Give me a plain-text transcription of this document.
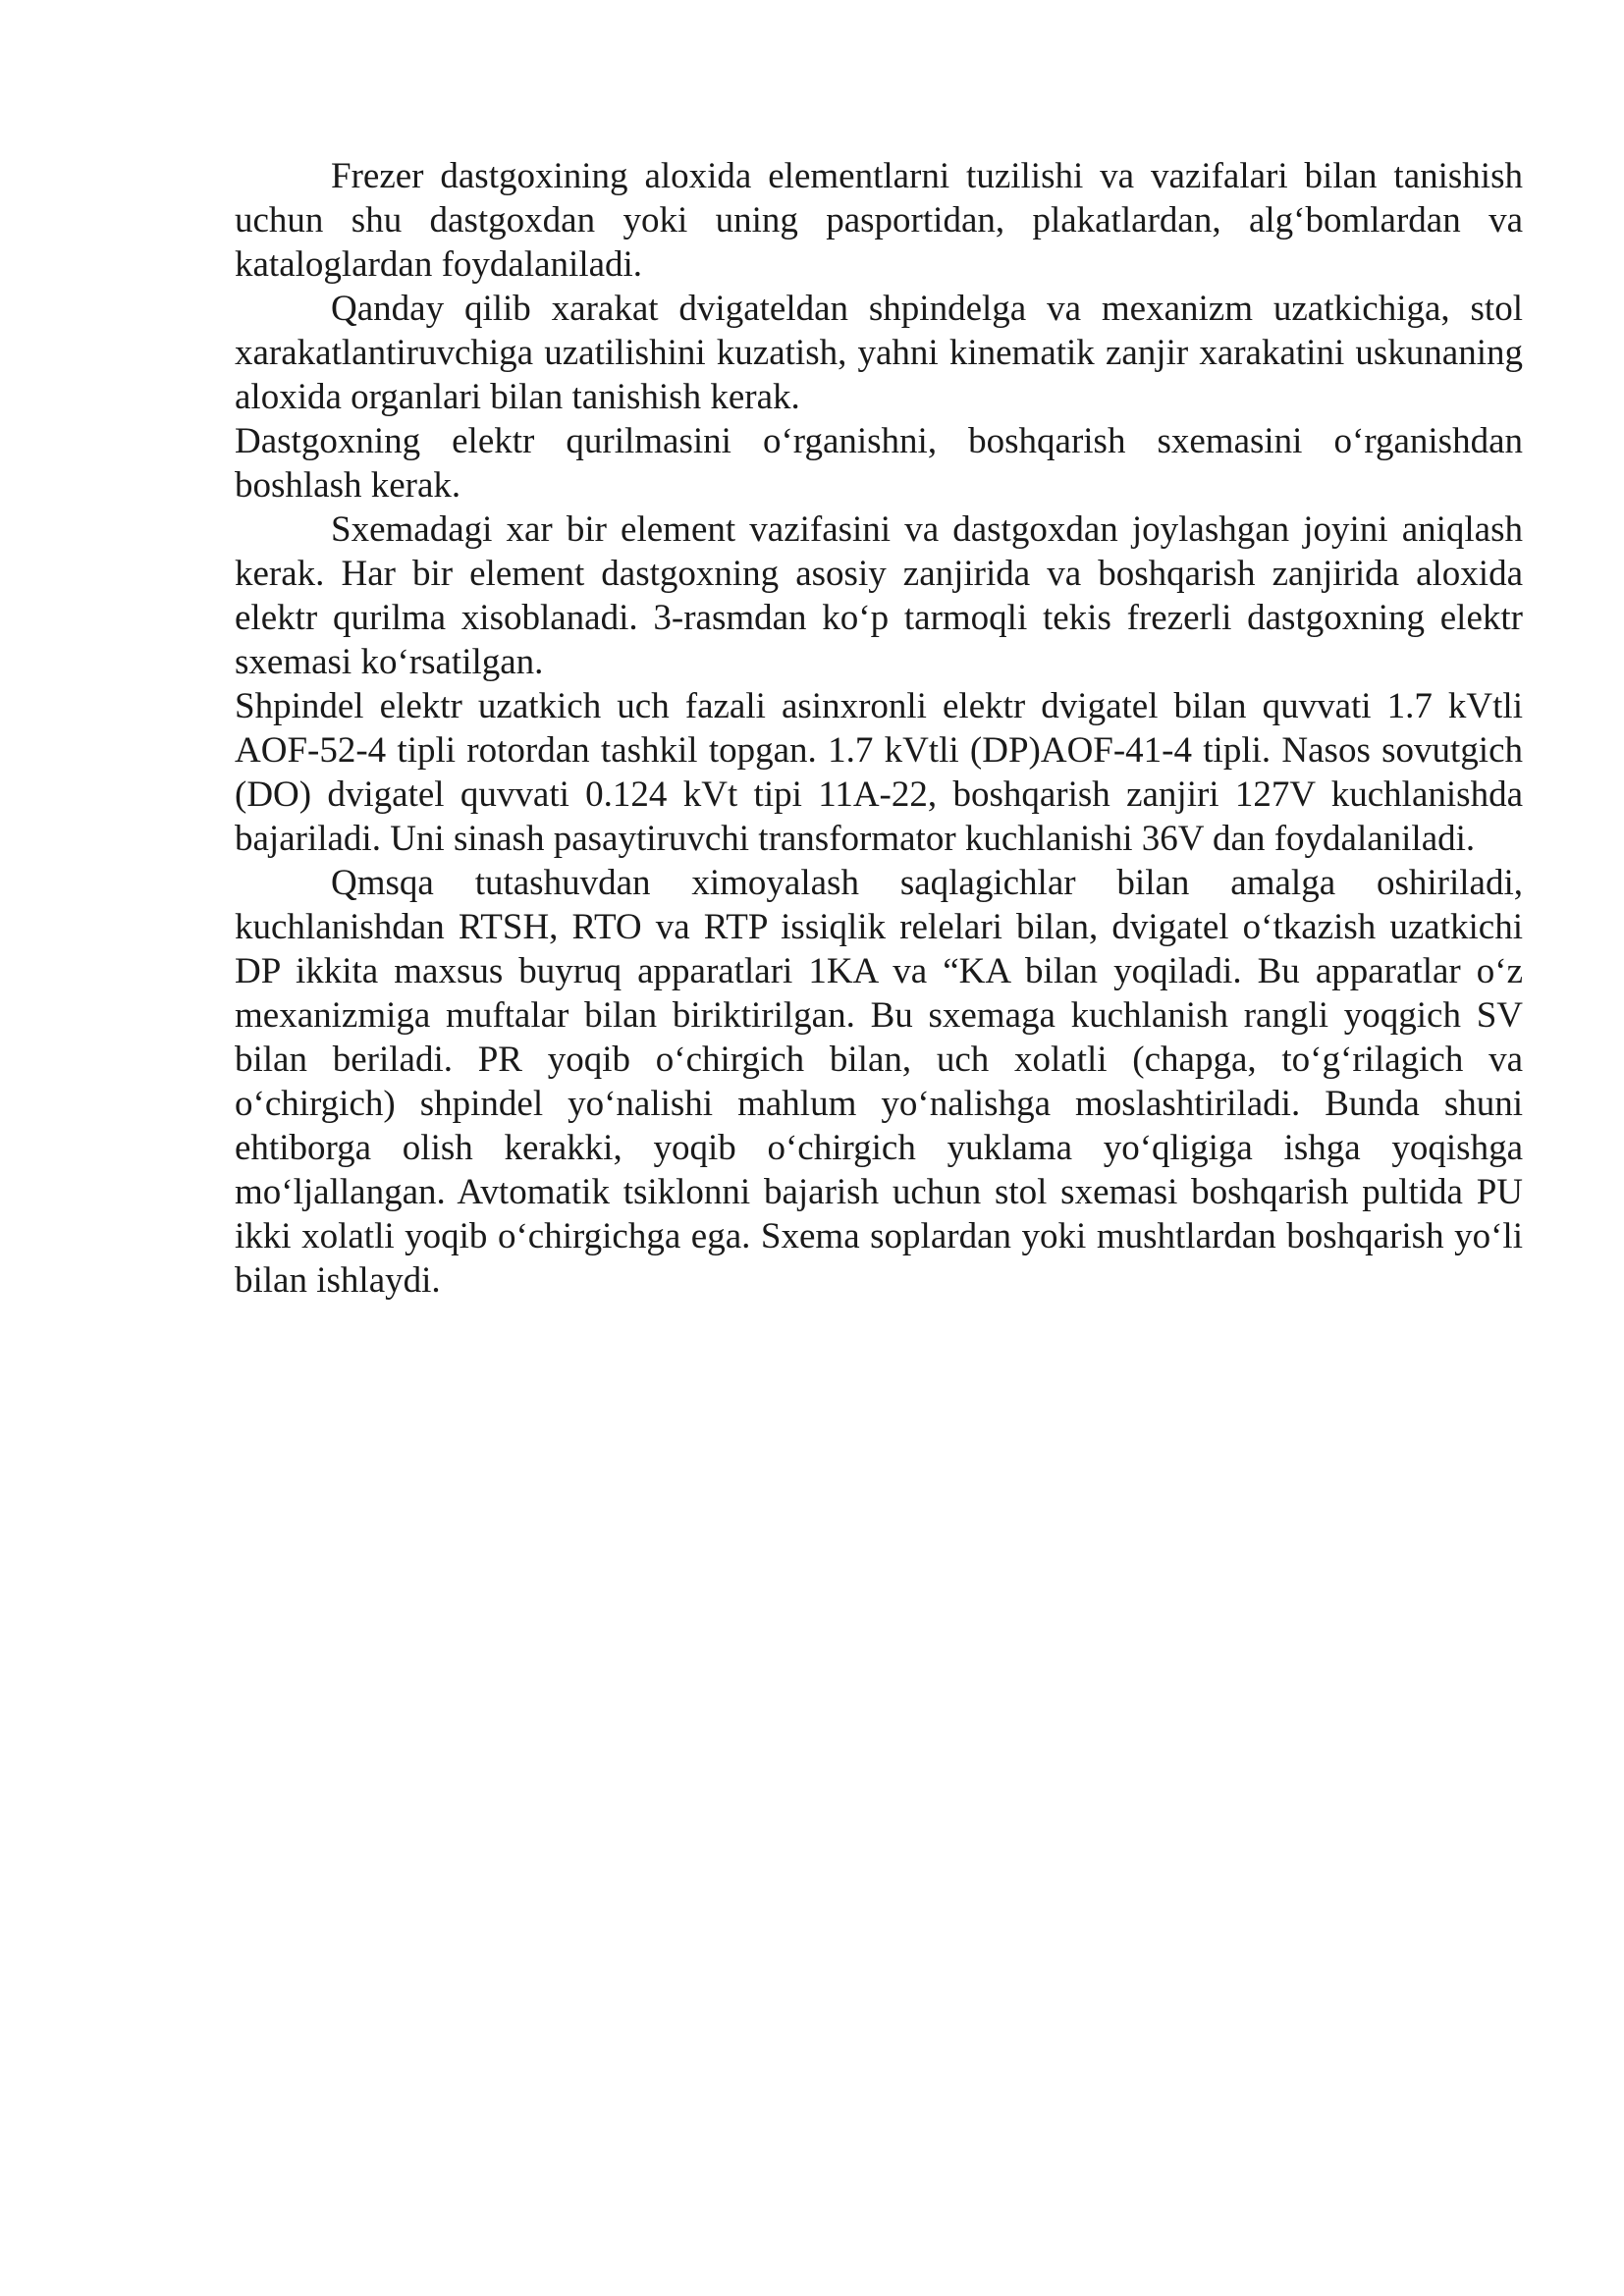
Frezer dastgoxining aloxida elementlarni tuzilishi va vazifalari bilan tanishish uchun shu dastgoxdan yoki uning pasportidan, plakatlardan, alg‘bomlardan va kataloglardan foydalaniladi.

Qanday qilib xarakat dvigateldan shpindelga va mexanizm uzatkichiga, stol xarakatlantiruvchiga uzatilishini kuzatish, yahni kinematik zanjir xarakatini uskunaning aloxida organlari bilan tanishish kerak.

Dastgoxning elektr qurilmasini o‘rganishni, boshqarish sxemasini o‘rganishdan boshlash kerak.

Sxemadagi xar bir element vazifasini va dastgoxdan joylashgan joyini aniqlash kerak. Har bir element dastgoxning asosiy zanjirida va boshqarish zanjirida aloxida elektr qurilma xisoblanadi. 3-rasmdan ko‘p tarmoqli tekis frezerli dastgoxning elektr sxemasi ko‘rsatilgan.

Shpindel elektr uzatkich uch fazali asinxronli elektr dvigatel bilan quvvati 1.7 kVtli AOF-52-4 tipli rotordan tashkil topgan. 1.7 kVtli (DP)AOF-41-4 tipli. Nasos sovutgich (DO) dvigatel quvvati 0.124 kVt tipi 11A-22, boshqarish zanjiri 127V kuchlanishda bajariladi. Uni sinash pasaytiruvchi transformator kuchlanishi 36V dan foydalaniladi.

Qmsqa tutashuvdan ximoyalash saqlagichlar bilan amalga oshiriladi, kuchlanishdan RTSH, RTO va RTP issiqlik relelari bilan, dvigatel o‘tkazish uzatkichi DP ikkita maxsus buyruq apparatlari 1KA va “KA bilan yoqiladi. Bu apparatlar o‘z mexanizmiga muftalar bilan biriktirilgan. Bu sxemaga kuchlanish rangli yoqgich SV bilan beriladi. PR yoqib o‘chirgich bilan, uch xolatli (chapga, to‘g‘rilagich va o‘chirgich) shpindel yo‘nalishi mahlum yo‘nalishga moslashtiriladi. Bunda shuni ehtiborga olish kerakki, yoqib o‘chirgich yuklama yo‘qligiga ishga yoqishga mo‘ljallangan. Avtomatik tsiklonni bajarish uchun stol sxemasi boshqarish pultida PU ikki xolatli yoqib o‘chirgichga ega. Sxema soplardan yoki mushtlardan boshqarish yo‘li bilan ishlaydi.
